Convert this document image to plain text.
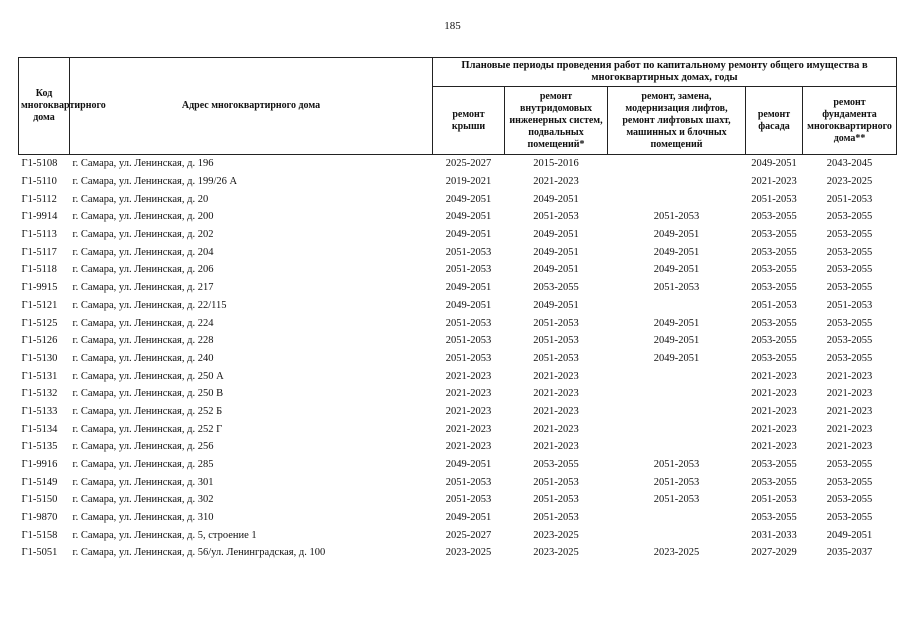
185
Код многоквартирного дома	Адрес многоквартирного дома	Плановые периоды проведения работ по капитальному ремонту общего имущества в многоквартирных домах, годы				
		ремонт крыши	ремонт внутридомовых инженерных систем, подвальных помещений*	ремонт, замена, модернизация лифтов, ремонт лифтовых шахт, машинных и блочных помещений	ремонт фасада	ремонт фундамента многоквартирного дома**
Г1-5108	г. Самара, ул. Ленинская, д. 196	2025-2027	2015-2016		2049-2051	2043-2045
Г1-5110	г. Самара, ул. Ленинская, д. 199/26 А	2019-2021	2021-2023		2021-2023	2023-2025
Г1-5112	г. Самара, ул. Ленинская, д. 20	2049-2051	2049-2051		2051-2053	2051-2053
Г1-9914	г. Самара, ул. Ленинская, д. 200	2049-2051	2051-2053	2051-2053	2053-2055	2053-2055
Г1-5113	г. Самара, ул. Ленинская, д. 202	2049-2051	2049-2051	2049-2051	2053-2055	2053-2055
Г1-5117	г. Самара, ул. Ленинская, д. 204	2051-2053	2049-2051	2049-2051	2053-2055	2053-2055
Г1-5118	г. Самара, ул. Ленинская, д. 206	2051-2053	2049-2051	2049-2051	2053-2055	2053-2055
Г1-9915	г. Самара, ул. Ленинская, д. 217	2049-2051	2053-2055	2051-2053	2053-2055	2053-2055
Г1-5121	г. Самара, ул. Ленинская, д. 22/115	2049-2051	2049-2051		2051-2053	2051-2053
Г1-5125	г. Самара, ул. Ленинская, д. 224	2051-2053	2051-2053	2049-2051	2053-2055	2053-2055
Г1-5126	г. Самара, ул. Ленинская, д. 228	2051-2053	2051-2053	2049-2051	2053-2055	2053-2055
Г1-5130	г. Самара, ул. Ленинская, д. 240	2051-2053	2051-2053	2049-2051	2053-2055	2053-2055
Г1-5131	г. Самара, ул. Ленинская, д. 250 А	2021-2023	2021-2023		2021-2023	2021-2023
Г1-5132	г. Самара, ул. Ленинская, д. 250 В	2021-2023	2021-2023		2021-2023	2021-2023
Г1-5133	г. Самара, ул. Ленинская, д. 252 Б	2021-2023	2021-2023		2021-2023	2021-2023
Г1-5134	г. Самара, ул. Ленинская, д. 252 Г	2021-2023	2021-2023		2021-2023	2021-2023
Г1-5135	г. Самара, ул. Ленинская, д. 256	2021-2023	2021-2023		2021-2023	2021-2023
Г1-9916	г. Самара, ул. Ленинская, д. 285	2049-2051	2053-2055	2051-2053	2053-2055	2053-2055
Г1-5149	г. Самара, ул. Ленинская, д. 301	2051-2053	2051-2053	2051-2053	2053-2055	2053-2055
Г1-5150	г. Самара, ул. Ленинская, д. 302	2051-2053	2051-2053	2051-2053	2051-2053	2053-2055
Г1-9870	г. Самара, ул. Ленинская, д. 310	2049-2051	2051-2053		2053-2055	2053-2055
Г1-5158	г. Самара, ул. Ленинская, д. 5, строение 1	2025-2027	2023-2025		2031-2033	2049-2051
Г1-5051	г. Самара, ул. Ленинская, д. 56/ул. Ленинградская, д. 100	2023-2025	2023-2025	2023-2025	2027-2029	2035-2037
